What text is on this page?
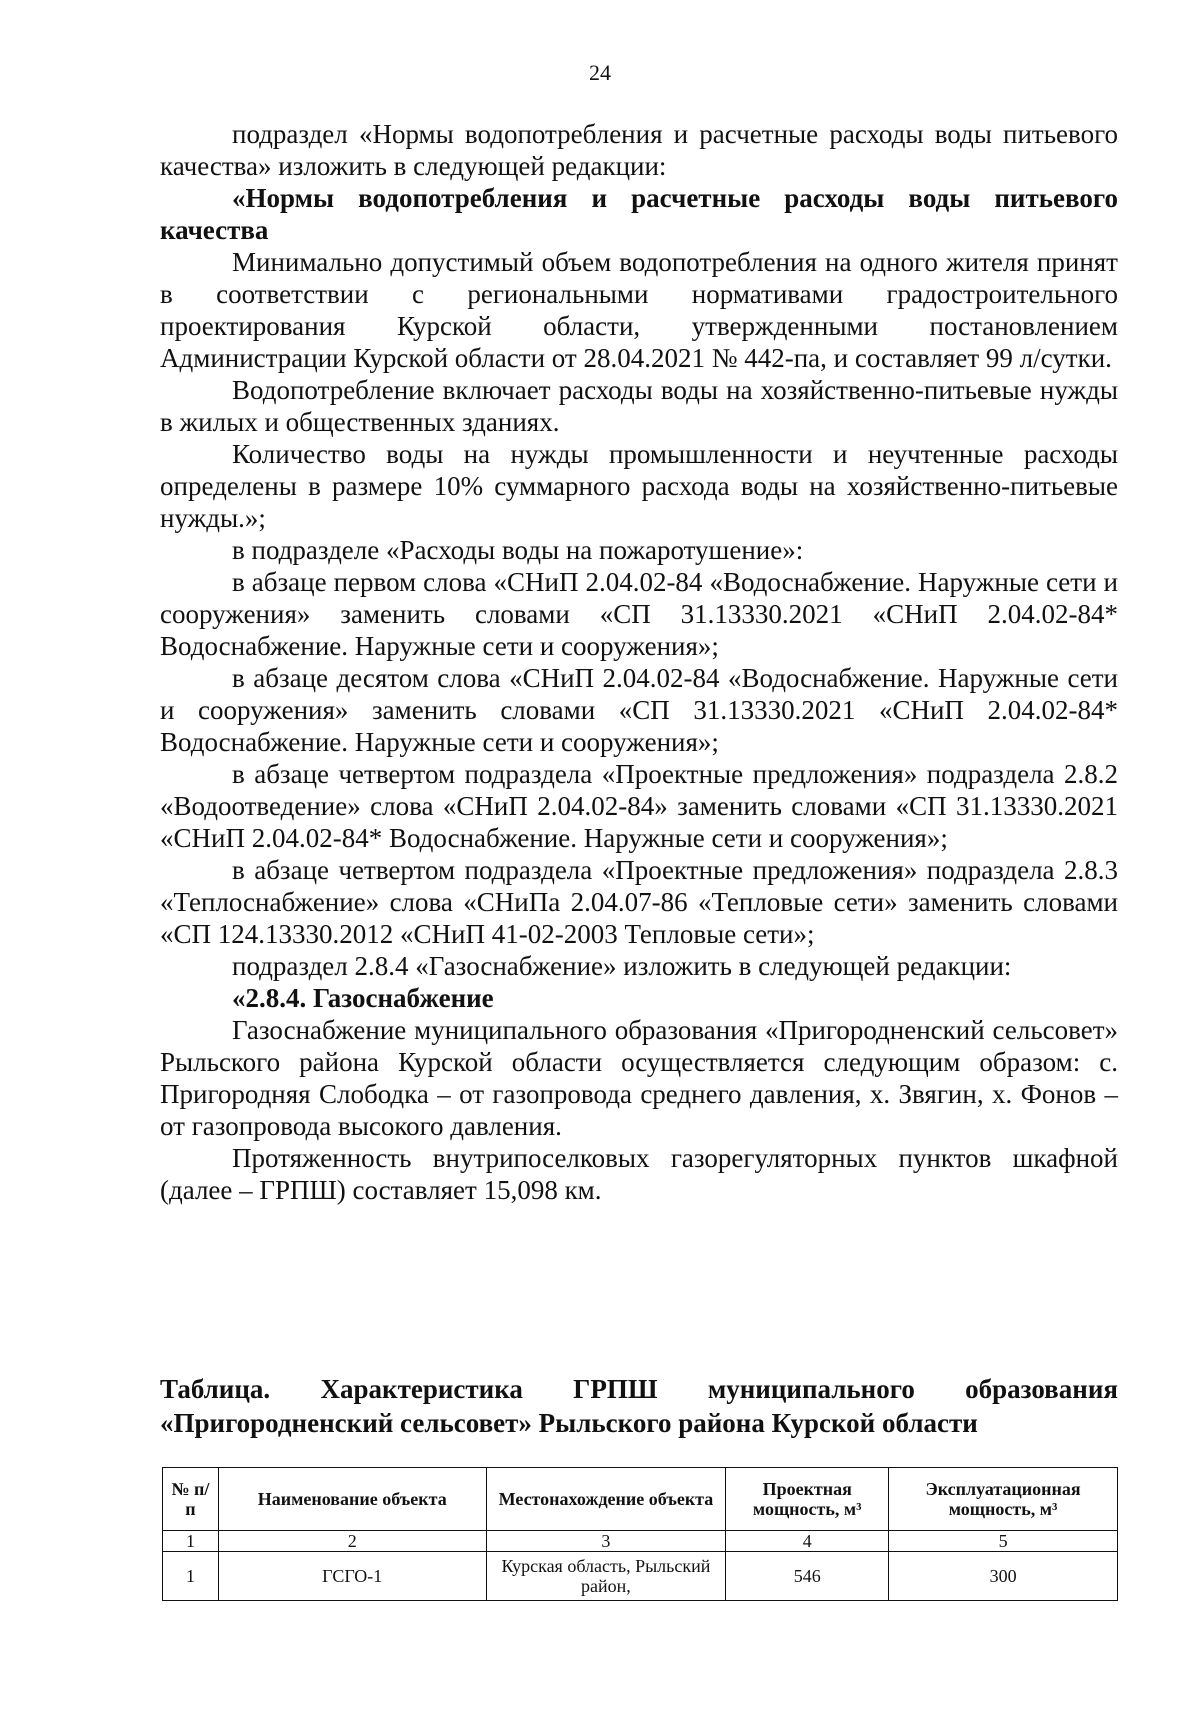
24

подраздел «Нормы водопотребления и расчетные расходы воды питьевого качества» изложить в следующей редакции:

«Нормы водопотребления и расчетные расходы воды питьевого качества

Минимально допустимый объем водопотребления на одного жителя принят в соответствии с региональными нормативами градостроительного проектирования Курской области, утвержденными постановлением Администрации Курской области от 28.04.2021 № 442-па, и составляет 99 л/сутки.

Водопотребление включает расходы воды на хозяйственно-питьевые нужды в жилых и общественных зданиях.

Количество воды на нужды промышленности и неучтенные расходы определены в размере 10% суммарного расхода воды на хозяйственно-питьевые нужды.»;

в подразделе «Расходы воды на пожаротушение»:

в абзаце первом слова «СНиП 2.04.02-84 «Водоснабжение. Наружные сети и сооружения» заменить словами «СП 31.13330.2021 «СНиП 2.04.02-84* Водоснабжение. Наружные сети и сооружения»;

в абзаце десятом слова «СНиП 2.04.02-84 «Водоснабжение. Наружные сети и сооружения» заменить словами «СП 31.13330.2021 «СНиП 2.04.02-84* Водоснабжение. Наружные сети и сооружения»;

в абзаце четвертом подраздела «Проектные предложения» подраздела 2.8.2 «Водоотведение» слова «СНиП 2.04.02-84» заменить словами «СП 31.13330.2021 «СНиП 2.04.02-84* Водоснабжение. Наружные сети и сооружения»;

в абзаце четвертом подраздела «Проектные предложения» подраздела 2.8.3 «Теплоснабжение» слова «СНиПа 2.04.07-86 «Тепловые сети» заменить словами «СП 124.13330.2012 «СНиП 41-02-2003 Тепловые сети»;

подраздел 2.8.4 «Газоснабжение» изложить в следующей редакции:

«2.8.4. Газоснабжение

Газоснабжение муниципального образования «Пригородненский сельсовет» Рыльского района Курской области осуществляется следующим образом: с. Пригородняя Слободка – от газопровода среднего давления, х. Звягин, х. Фонов – от газопровода высокого давления.

Протяженность внутрипоселковых газорегуляторных пунктов шкафной (далее – ГРПШ) составляет 15,098 км.

Таблица. Характеристика ГРПШ муниципального образования «Пригородненский сельсовет» Рыльского района Курской области
№ п/п	Наименование объекта	Местонахождение объекта	Проектная мощность, м³	Эксплуатационная мощность, м³
1	2	3	4	5
1	ГСГО-1	Курская область, Рыльский район,	546	300
